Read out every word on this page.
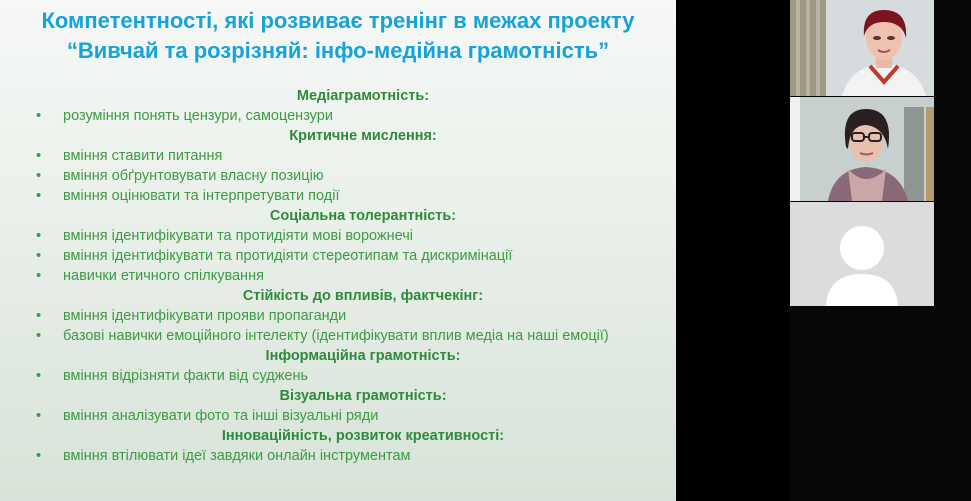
Компетентності, які розвиває тренінг в межах проекту
“Вивчай та розрізняй: інфо-медійна грамотність”
Медіаграмотність:
• розуміння понять цензури, самоцензури
Критичне мислення:
• вміння ставити питання
• вміння обґрунтовувати власну позицію
• вміння оцінювати та інтерпретувати події
Соціальна толерантність:
• вміння ідентифікувати та протидіяти мові ворожнечі
• вміння ідентифікувати та протидіяти стереотипам та дискримінації
• навички етичного спілкування
Стійкість до впливів, фактчекінг:
• вміння ідентифікувати прояви пропаганди
• базові навички емоційного інтелекту (ідентифікувати вплив медіа на наші емоції)
Інформаційна грамотність:
• вміння відрізняти факти від суджень
Візуальна грамотність:
• вміння аналізувати фото та інші візуальні ряди
Інноваційність, розвиток креативності:
• вміння втілювати ідеї завдяки онлайн інструментам
